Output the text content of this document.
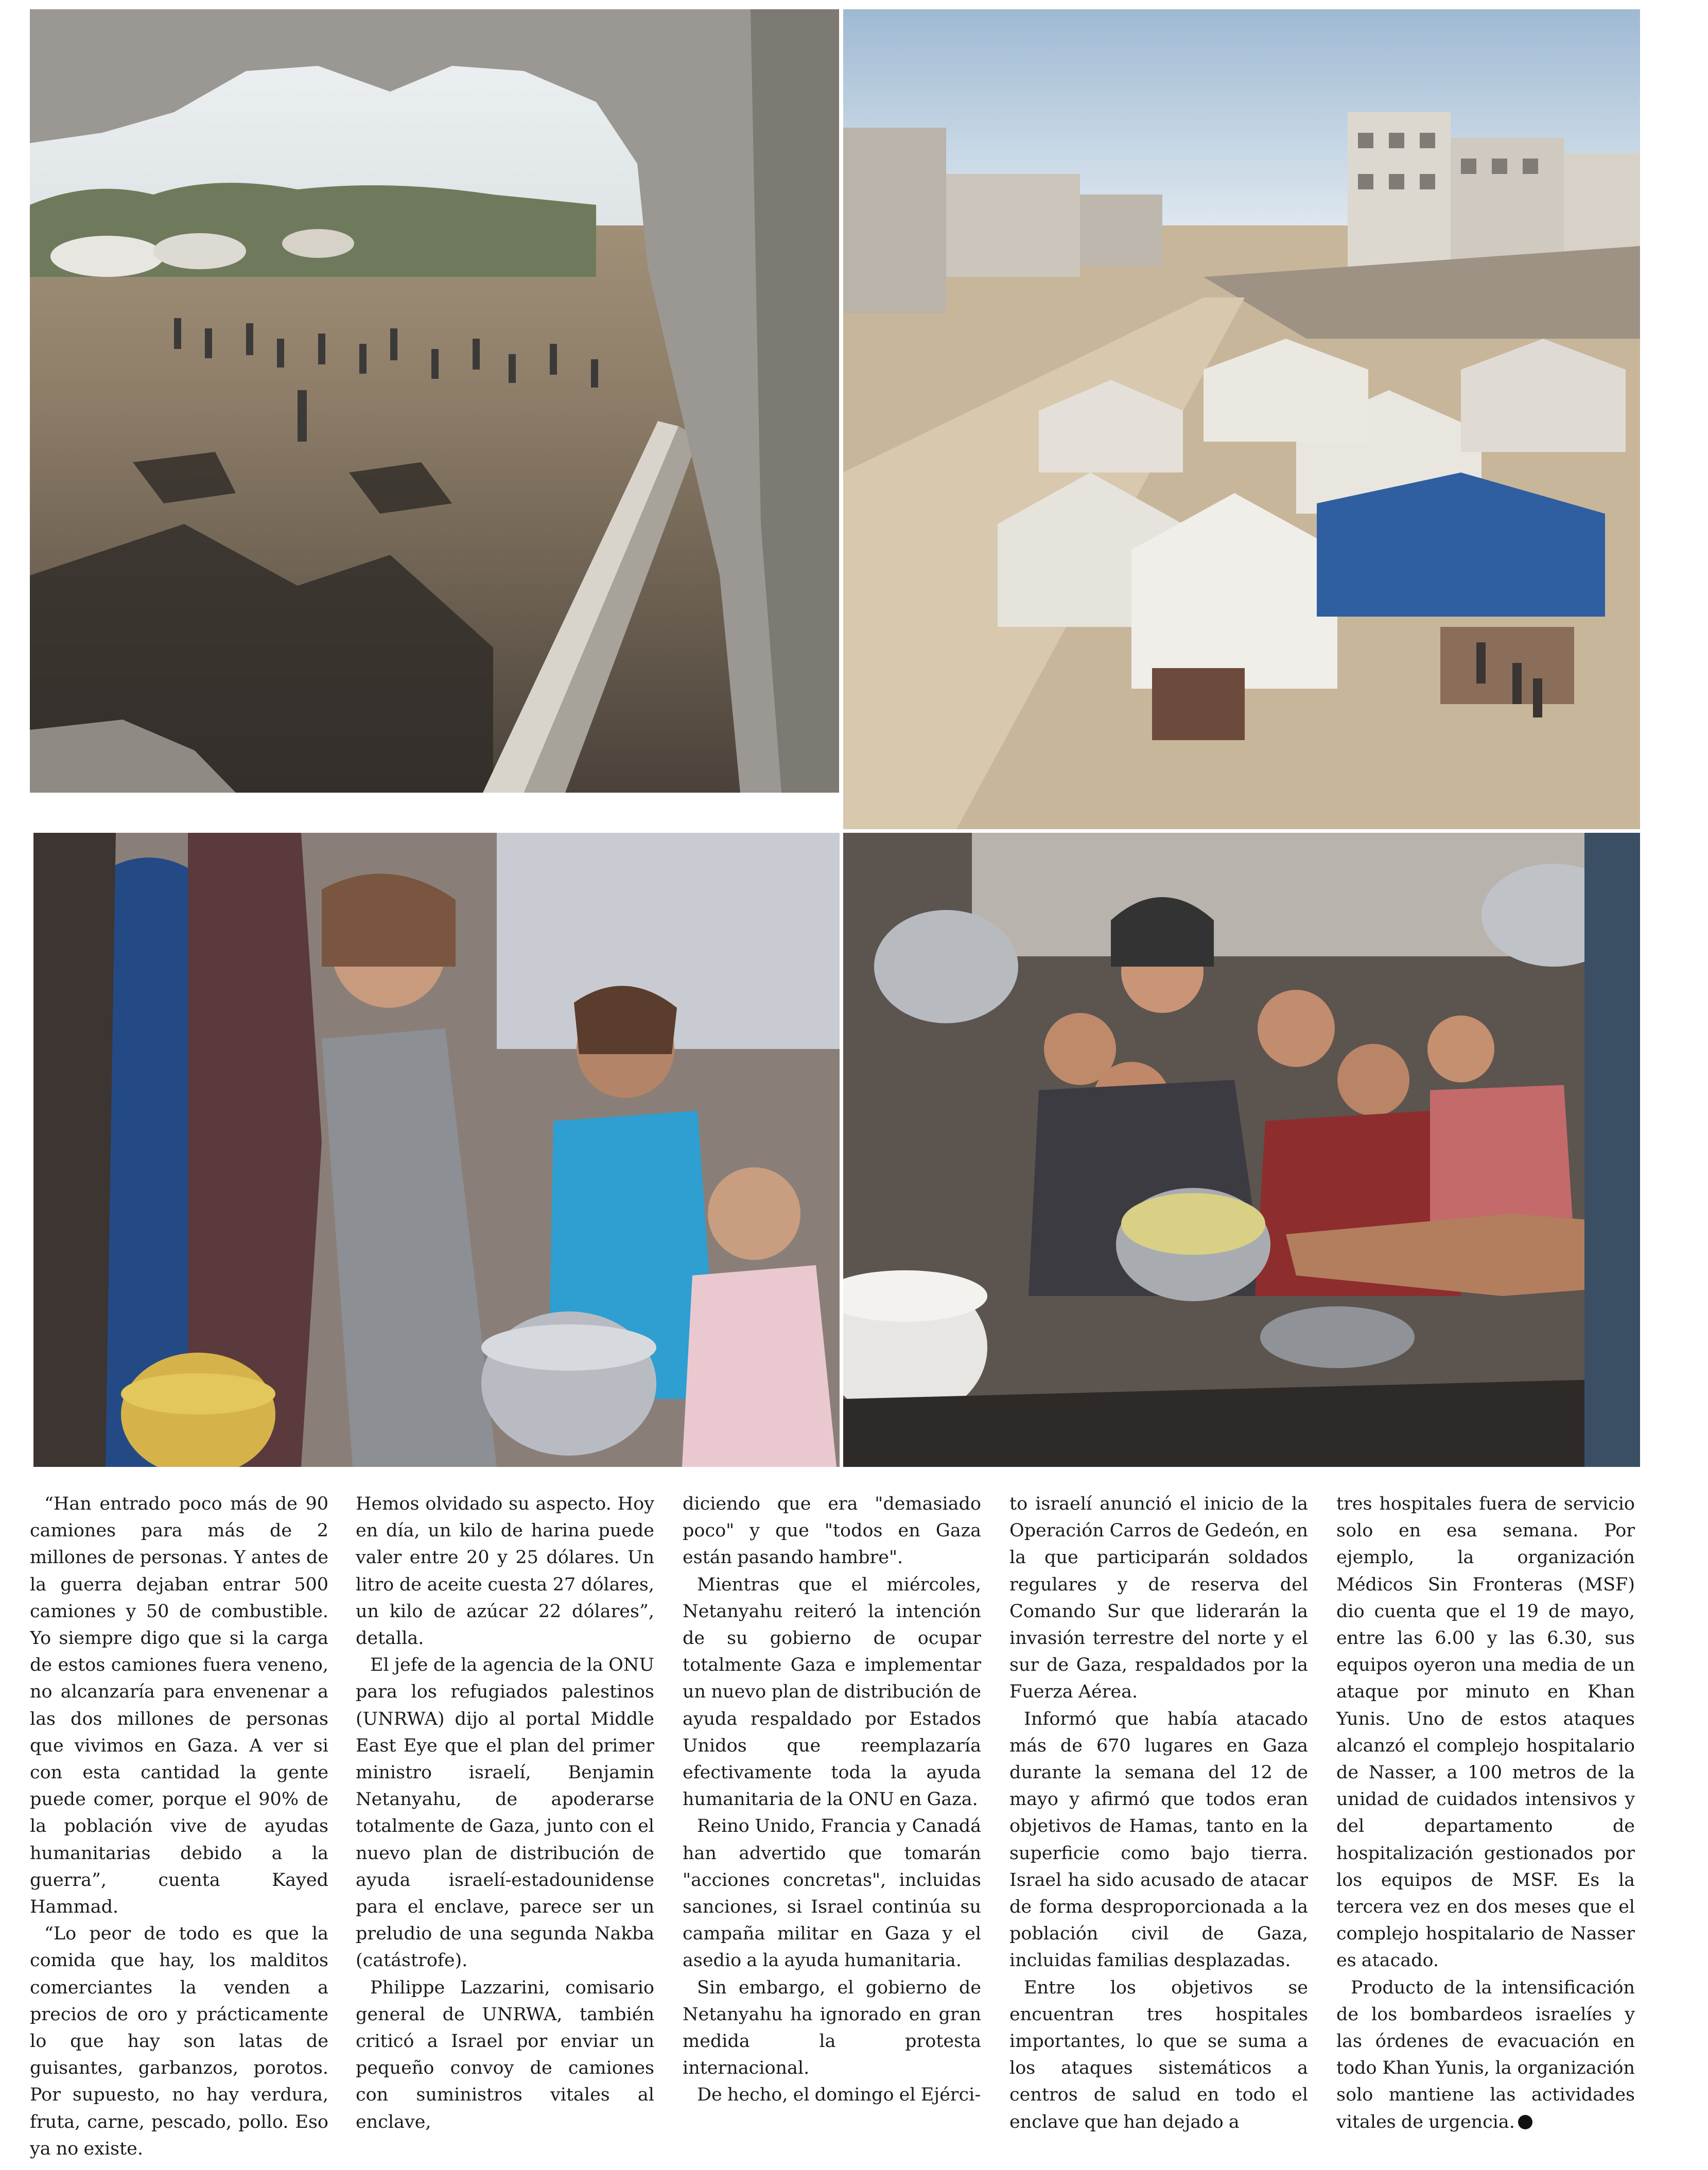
“Han entrado poco más de 90 camiones para más de 2 millones de personas. Y antes de la guerra dejaban entrar 500 camiones y 50 de combustible. Yo siempre digo que si la carga de estos camiones fuera veneno, no alcanzaría para envenenar a las dos millones de personas que vivimos en Gaza. A ver si con esta cantidad la gente puede comer, porque el 90% de la población vive de ayudas humanitarias debido a la guerra”, cuenta Kayed Hammad.

“Lo peor de todo es que la comida que hay, los malditos comerciantes la venden a precios de oro y prácticamente lo que hay son latas de guisantes, garbanzos, porotos. Por supuesto, no hay verdura, fruta, carne, pescado, pollo. Eso ya no existe.

Hemos olvidado su aspecto. Hoy en día, un kilo de harina puede valer entre 20 y 25 dólares. Un litro de aceite cuesta 27 dólares, un kilo de azúcar 22 dólares”, detalla.

El jefe de la agencia de la ONU para los refugiados palestinos (UNRWA) dijo al portal Middle East Eye que el plan del primer ministro israelí, Benjamin Netanyahu, de apoderarse totalmente de Gaza, junto con el nuevo plan de distribución de ayuda israelí-estadounidense para el enclave, parece ser un preludio de una segunda Nakba (catástrofe).

Philippe Lazzarini, comisario general de UNRWA, también criticó a Israel por enviar un pequeño convoy de camiones con suministros vitales al enclave,

diciendo que era "demasiado poco" y que "todos en Gaza están pasando hambre".

Mientras que el miércoles, Netanyahu reiteró la intención de su gobierno de ocupar totalmente Gaza e implementar un nuevo plan de distribución de ayuda respaldado por Estados Unidos que reemplazaría efectivamente toda la ayuda humanitaria de la ONU en Gaza.

Reino Unido, Francia y Canadá han advertido que tomarán "acciones concretas", incluidas sanciones, si Israel continúa su campaña militar en Gaza y el asedio a la ayuda humanitaria.

Sin embargo, el gobierno de Netanyahu ha ignorado en gran medida la protesta internacional.

De hecho, el domingo el Ejérci-

to israelí anunció el inicio de la Operación Carros de Gedeón, en la que participarán soldados regulares y de reserva del Comando Sur que liderarán la invasión terrestre del norte y el sur de Gaza, respaldados por la Fuerza Aérea.

Informó que había atacado más de 670 lugares en Gaza durante la semana del 12 de mayo y afirmó que todos eran objetivos de Hamas, tanto en la superficie como bajo tierra. Israel ha sido acusado de atacar de forma desproporcionada a la población civil de Gaza, incluidas familias desplazadas.

Entre los objetivos se encuentran tres hospitales importantes, lo que se suma a los ataques sistemáticos a centros de salud en todo el enclave que han dejado a

tres hospitales fuera de servicio solo en esa semana. Por ejemplo, la organización Médicos Sin Fronteras (MSF) dio cuenta que el 19 de mayo, entre las 6.00 y las 6.30, sus equipos oyeron una media de un ataque por minuto en Khan Yunis. Uno de estos ataques alcanzó el complejo hospitalario de Nasser, a 100 metros de la unidad de cuidados intensivos y del departamento de hospitalización gestionados por los equipos de MSF. Es la tercera vez en dos meses que el complejo hospitalario de Nasser es atacado.

Producto de la intensificación de los bombardeos israelíes y las órdenes de evacuación en todo Khan Yunis, la organización solo mantiene las actividades vitales de urgencia.
